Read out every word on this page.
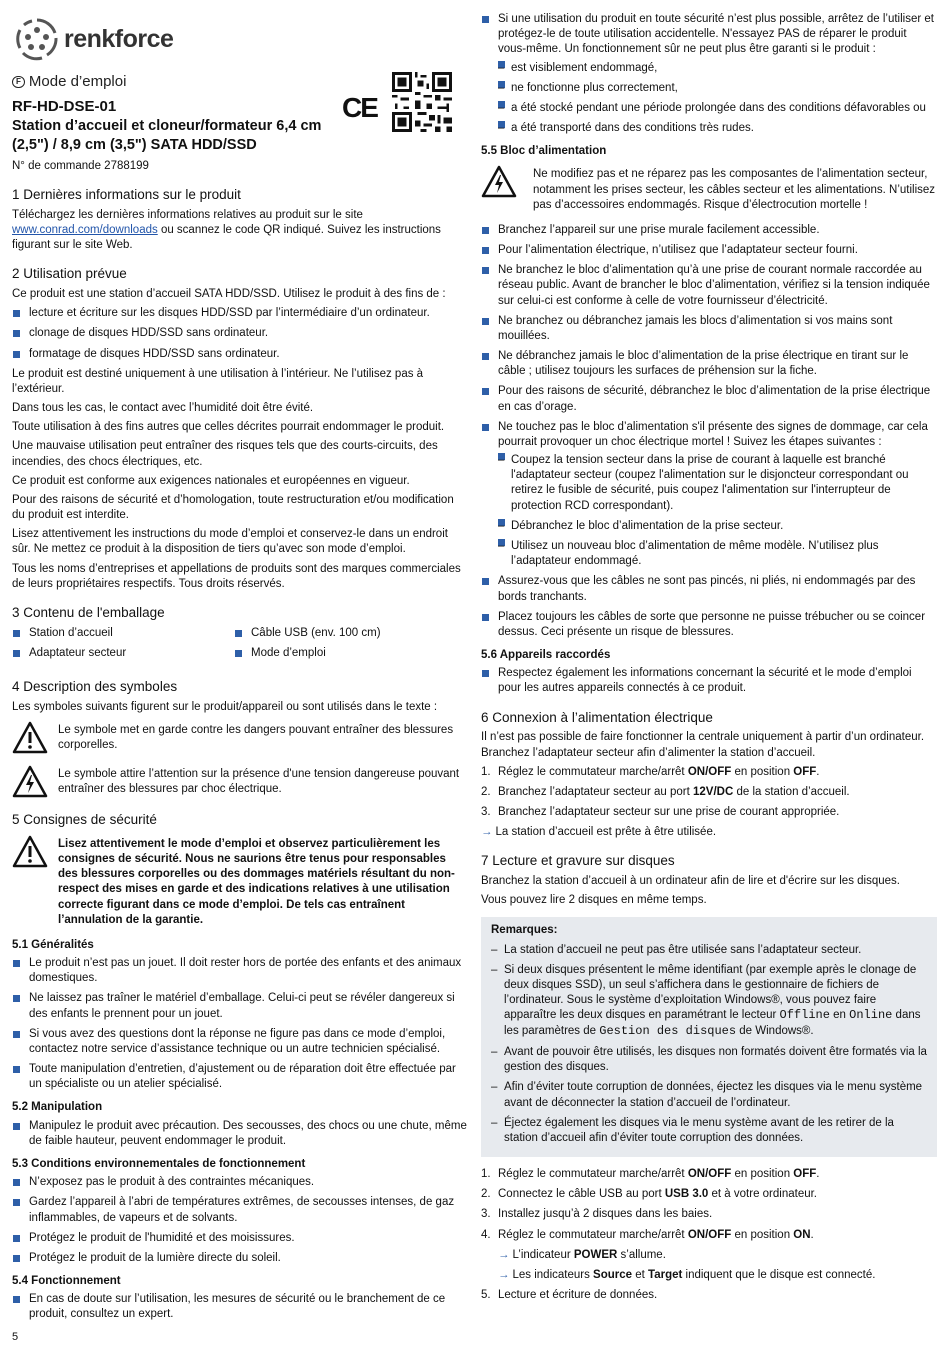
renkforce
F Mode d’emploi
RF-HD-DSE-01
Station d’accueil et cloneur/formateur 6,4 cm (2,5") / 8,9 cm (3,5") SATA HDD/SSD
N° de commande 2788199
CE
1 Dernières informations sur le produit

Téléchargez les dernières informations relatives au produit sur le site www.conrad.com/downloads ou scannez le code QR indiqué. Suivez les instructions figurant sur le site Web.

2 Utilisation prévue

Ce produit est une station d’accueil SATA HDD/SSD. Utilisez le produit à des fins de :

lecture et écriture sur les disques HDD/SSD par l’intermédiaire d’un ordinateur.
clonage de disques HDD/SSD sans ordinateur.
formatage de disques HDD/SSD sans ordinateur.

Le produit est destiné uniquement à une utilisation à l’intérieur. Ne l’utilisez pas à l’extérieur.

Dans tous les cas, le contact avec l’humidité doit être évité.

Toute utilisation à des fins autres que celles décrites pourrait endommager le produit.

Une mauvaise utilisation peut entraîner des risques tels que des courts-circuits, des incendies, des chocs électriques, etc.

Ce produit est conforme aux exigences nationales et européennes en vigueur.

Pour des raisons de sécurité et d’homologation, toute restructuration et/ou modification du produit est interdite.

Lisez attentivement les instructions du mode d’emploi et conservez-le dans un endroit sûr. Ne mettez ce produit à la disposition de tiers qu’avec son mode d’emploi.

Tous les noms d’entreprises et appellations de produits sont des marques commerciales de leurs propriétaires respectifs. Tous droits réservés.

3 Contenu de l'emballage
Station d’accueil	Câble USB (env. 100 cm)
Adaptateur secteur	Mode d’emploi
4 Description des symboles

Les symboles suivants figurent sur le produit/appareil ou sont utilisés dans le texte :

Le symbole met en garde contre les dangers pouvant entraîner des blessures corporelles.
Le symbole attire l’attention sur la présence d'une tension dangereuse pouvant entraîner des blessures par choc électrique.
5 Consignes de sécurité
Lisez attentivement le mode d’emploi et observez particulièrement les consignes de sécurité. Nous ne saurions être tenus pour responsables des blessures corporelles ou des dommages matériels résultant du non-respect des mises en garde et des indications relatives à une utilisation correcte figurant dans ce mode d’emploi. De tels cas entraînent l’annulation de la garantie.
5.1 Généralités
Le produit n’est pas un jouet. Il doit rester hors de portée des enfants et des animaux domestiques.
Ne laissez pas traîner le matériel d’emballage. Celui-ci peut se révéler dangereux si des enfants le prennent pour un jouet.
Si vous avez des questions dont la réponse ne figure pas dans ce mode d’emploi, contactez notre service d’assistance technique ou un autre technicien spécialisé.
Toute manipulation d’entretien, d’ajustement ou de réparation doit être effectuée par un spécialiste ou un atelier spécialisé.
5.2 Manipulation
Manipulez le produit avec précaution. Des secousses, des chocs ou une chute, même de faible hauteur, peuvent endommager le produit.
5.3 Conditions environnementales de fonctionnement
N’exposez pas le produit à des contraintes mécaniques.
Gardez l’appareil à l’abri de températures extrêmes, de secousses intenses, de gaz inflammables, de vapeurs et de solvants.
Protégez le produit de l'humidité et des moisissures.
Protégez le produit de la lumière directe du soleil.
5.4 Fonctionnement
En cas de doute sur l’utilisation, les mesures de sécurité ou le branchement de ce produit, consultez un expert.
Si une utilisation du produit en toute sécurité n’est plus possible, arrêtez de l’utiliser et protégez-le de toute utilisation accidentelle. N'essayez PAS de réparer le produit vous-même. Un fonctionnement sûr ne peut plus être garanti si le produit :
– est visiblement endommagé,
– ne fonctionne plus correctement,
– a été stocké pendant une période prolongée dans des conditions défavorables ou
– a été transporté dans des conditions très rudes.
5.5 Bloc d’alimentation
Ne modifiez pas et ne réparez pas les composantes de l’alimentation secteur, notamment les prises secteur, les câbles secteur et les alimentations. N’utilisez pas d’accessoires endommagés. Risque d’électrocution mortelle !
Branchez l’appareil sur une prise murale facilement accessible.
Pour l’alimentation électrique, n’utilisez que l’adaptateur secteur fourni.
Ne branchez le bloc d’alimentation qu’à une prise de courant normale raccordée au réseau public. Avant de brancher le bloc d’alimentation, vérifiez si la tension indiquée sur celui-ci est conforme à celle de votre fournisseur d’électricité.
Ne branchez ou débranchez jamais les blocs d’alimentation si vos mains sont mouillées.
Ne débranchez jamais le bloc d’alimentation de la prise électrique en tirant sur le câble ; utilisez toujours les surfaces de préhension sur la fiche.
Pour des raisons de sécurité, débranchez le bloc d’alimentation de la prise électrique en cas d’orage.
Ne touchez pas le bloc d’alimentation s'il présente des signes de dommage, car cela pourrait provoquer un choc électrique mortel ! Suivez les étapes suivantes :
– Coupez la tension secteur dans la prise de courant à laquelle est branché l'adaptateur secteur (coupez l'alimentation sur le disjoncteur correspondant ou retirez le fusible de sécurité, puis coupez l'alimentation sur l'interrupteur de protection RCD correspondant).
– Débranchez le bloc d’alimentation de la prise secteur.
– Utilisez un nouveau bloc d’alimentation de même modèle. N’utilisez plus l’adaptateur endommagé.
Assurez-vous que les câbles ne sont pas pincés, ni pliés, ni endommagés par des bords tranchants.
Placez toujours les câbles de sorte que personne ne puisse trébucher ou se coincer dessus. Ceci présente un risque de blessures.
5.6 Appareils raccordés
Respectez également les informations concernant la sécurité et le mode d’emploi pour les autres appareils connectés à ce produit.
6 Connexion à l’alimentation électrique

Il n’est pas possible de faire fonctionner la centrale uniquement à partir d’un ordinateur. Branchez l’adaptateur secteur afin d’alimenter la station d’accueil.

1. Réglez le commutateur marche/arrêt ON/OFF en position OFF.
2. Branchez l’adaptateur secteur au port 12V/DC de la station d’accueil.
3. Branchez l’adaptateur secteur sur une prise de courant appropriée.

→ La station d’accueil est prête à être utilisée.

7 Lecture et gravure sur disques

Branchez la station d’accueil à un ordinateur afin de lire et d'écrire sur les disques.

Vous pouvez lire 2 disques en même temps.

Remarques:
– La station d’accueil ne peut pas être utilisée sans l’adaptateur secteur.
– Si deux disques présentent le même identifiant (par exemple après le clonage de deux disques SSD), un seul s’affichera dans le gestionnaire de fichiers de l’ordinateur. Sous le système d’exploitation Windows®, vous pouvez faire apparaître les deux disques en paramétrant le lecteur Offline en Online dans les paramètres de Gestion des disques de Windows®.
– Avant de pouvoir être utilisés, les disques non formatés doivent être formatés via la gestion des disques.
– Afin d’éviter toute corruption de données, éjectez les disques via le menu système avant de déconnecter la station d’accueil de l’ordinateur.
– Éjectez également les disques via le menu système avant de les retirer de la station d’accueil afin d’éviter toute corruption des données.
1. Réglez le commutateur marche/arrêt ON/OFF en position OFF.
2. Connectez le câble USB au port USB 3.0 et à votre ordinateur.
3. Installez jusqu’à 2 disques dans les baies.
4. Réglez le commutateur marche/arrêt ON/OFF en position ON.

→ L’indicateur POWER s’allume.

→ Les indicateurs Source et Target indiquent que le disque est connecté.

5. Lecture et écriture de données.
5
